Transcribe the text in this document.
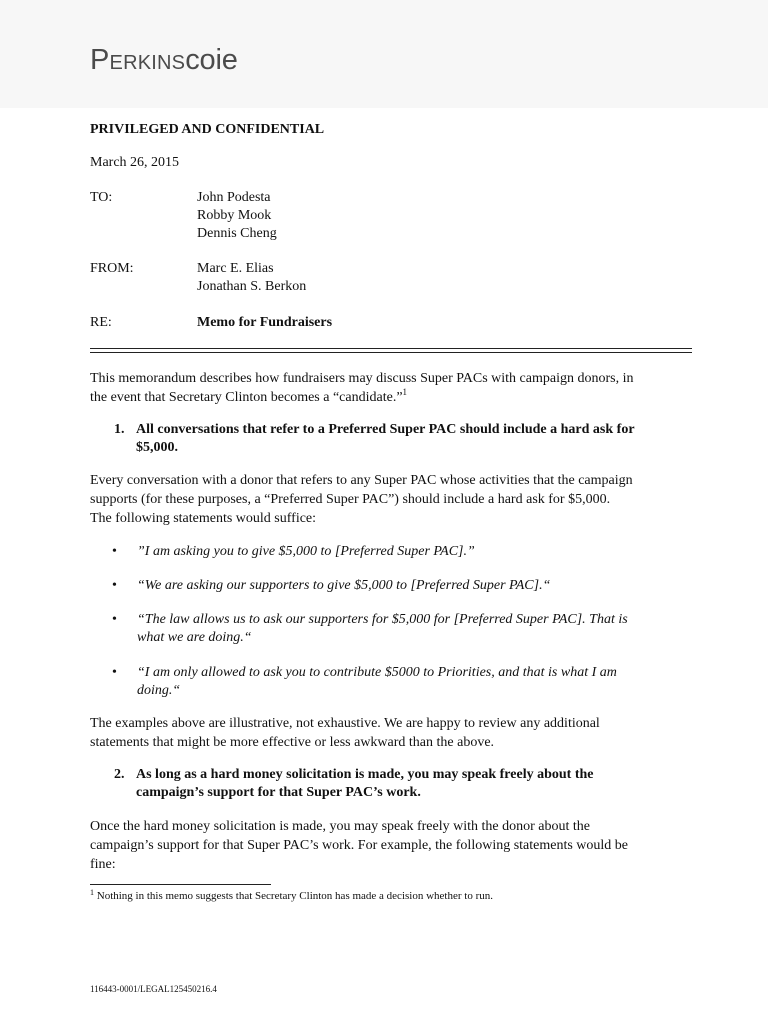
Perkinscoie
PRIVILEGED AND CONFIDENTIAL
March 26, 2015
TO:	John Podesta
Robby Mook
Dennis Cheng
FROM:	Marc E. Elias
Jonathan S. Berkon
RE:	Memo for Fundraisers
This memorandum describes how fundraisers may discuss Super PACs with campaign donors, in
the event that Secretary Clinton becomes a “candidate.”$^1$
1. All conversations that refer to a Preferred Super PAC should include a hard ask for
$5,000.
Every conversation with a donor that refers to any Super PAC whose activities that the campaign
supports (for these purposes, a “Preferred Super PAC”) should include a hard ask for $5,000.
The following statements would suffice:
• ”I am asking you to give $5,000 to [Preferred Super PAC].”
• “We are asking our supporters to give $5,000 to [Preferred Super PAC].“
• “The law allows us to ask our supporters for $5,000 for [Preferred Super PAC]. That is
what we are doing.“
• “I am only allowed to ask you to contribute $5000 to Priorities, and that is what I am
doing.“
The examples above are illustrative, not exhaustive. We are happy to review any additional
statements that might be more effective or less awkward than the above.
2. As long as a hard money solicitation is made, you may speak freely about the
campaign’s support for that Super PAC’s work.
Once the hard money solicitation is made, you may speak freely with the donor about the
campaign’s support for that Super PAC’s work. For example, the following statements would be
fine:
$^1$ Nothing in this memo suggests that Secretary Clinton has made a decision whether to run.
116443-0001/LEGAL125450216.4
